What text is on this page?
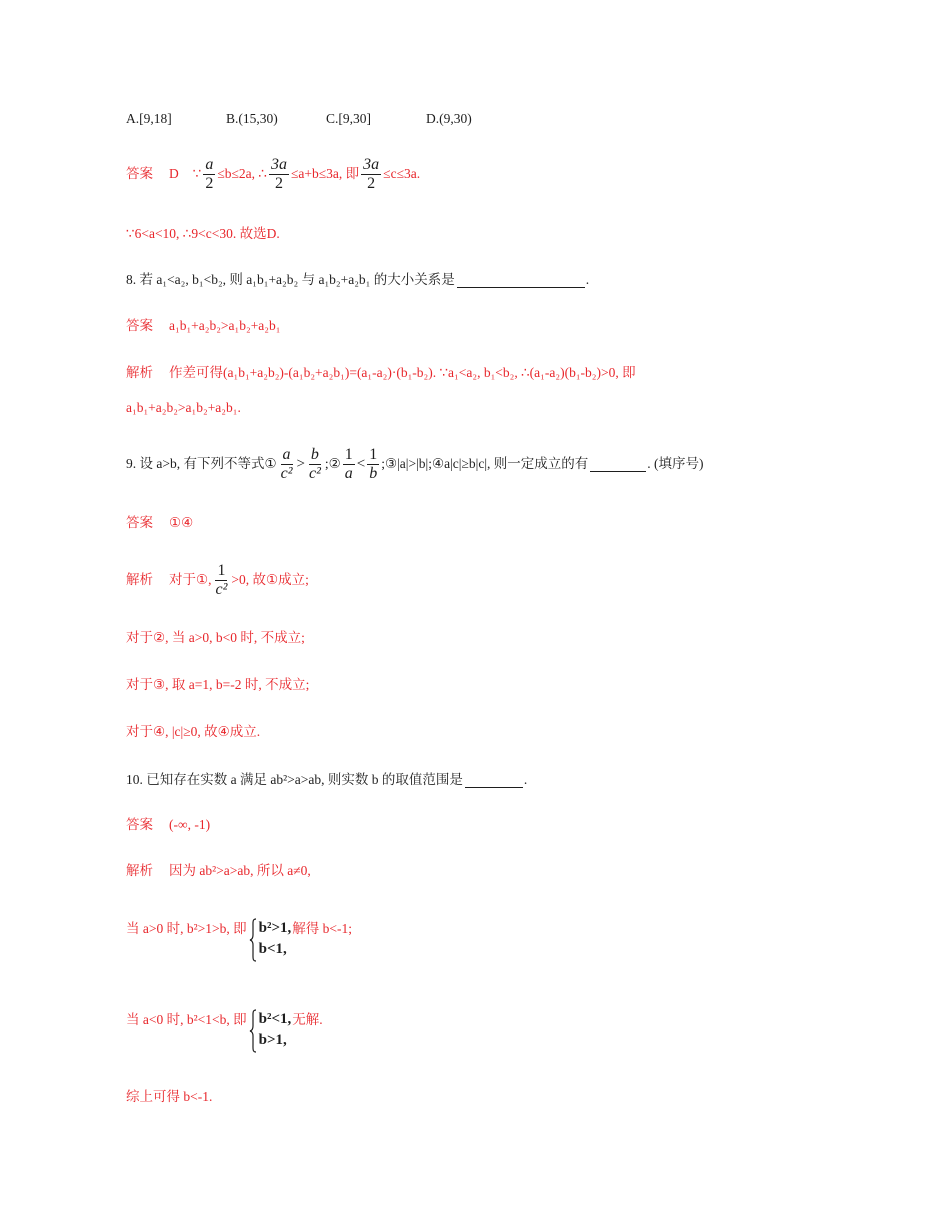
A.[9,18]	B.(15,30)	C.[9,30]	D.(9,30)
答案 D ∵ $\frac{a}{2} \le b\le 2a$, ∴ $\frac{3a}{2} \le a+b\le 3a$, 即 $\frac{3a}{2} \le c\le 3a$.
∵6<a<10, ∴9<c<30. 故选D.
8. 若 a₁<a₂, b₁<b₂, 则 a₁b₁+a₂b₂ 与 a₁b₂+a₂b₁ 的大小关系是	.
答案 a₁b₁+a₂b₂>a₁b₂+a₂b₁
解析 作差可得(a₁b₁+a₂b₂)-(a₁b₂+a₂b₁)=(a₁-a₂)·(b₁-b₂). ∵a₁<a₂, b₁<b₂, ∴(a₁-a₂)(b₁-b₂)>0, 即
a₁b₁+a₂b₂>a₁b₂+a₂b₁.
9. 设 a>b, 有下列不等式① $\frac{a}{\text{c²}} > \frac{b}{\text{c²}}$ ;② $\frac{1}{a} < \frac{1}{b}$ ;③|a|>|b|;④a|c|≥b|c|, 则一定成立的有	. (填序号)
答案 ①④
解析 对于①, $\frac{1}{\text{c²}} >0$, 故①成立;
对于②, 当 a>0, b<0 时, 不成立;
对于③, 取 a=1, b=-2 时, 不成立;
对于④, |c|≥0, 故④成立.
10. 已知存在实数 a 满足 ab²>a>ab, 则实数 b 的取值范围是	.
答案 (-∞, -1)
解析 因为 ab²>a>ab, 所以 a≠0,
当 a>0 时, b²>1>b, 即 b²>1,
b<1,
解得 b<-1;
当 a<0 时, b²<1<b, 即 b²<1,
b>1,
无解.
综上可得 b<-1.
